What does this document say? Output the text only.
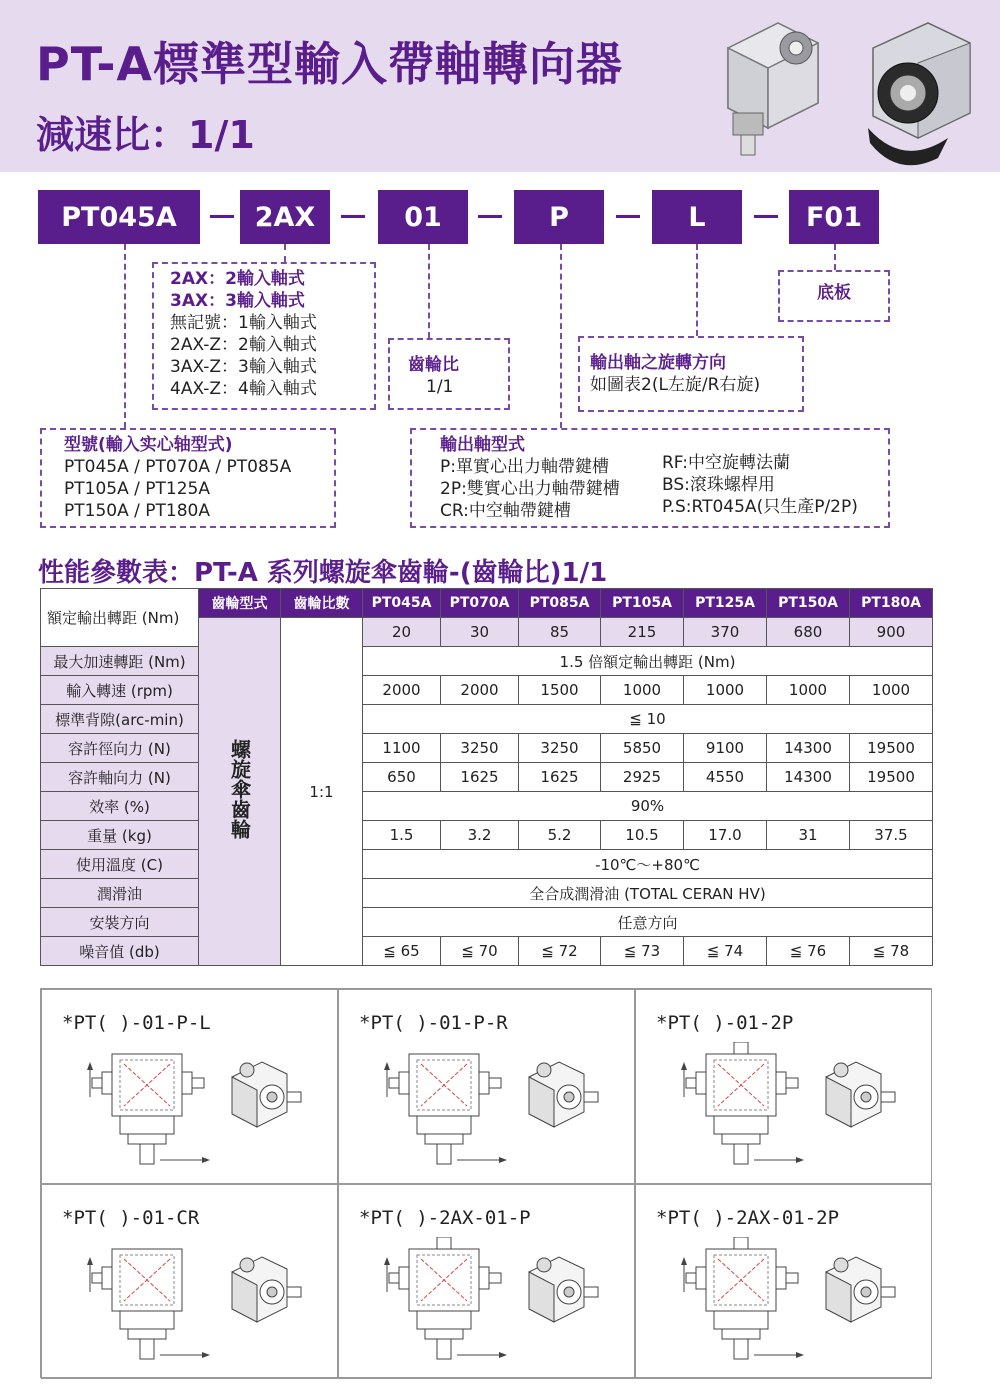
PT-A標準型輸入帶軸轉向器
減速比：1/1
PT045A	2AX	01	P	L	F01

2AX：2輸入軸式

3AX：3輸入軸式

無記號：1輸入軸式

2AX-Z：2輸入軸式

3AX-Z：3輸入軸式

4AX-Z：4輸入軸式

齒輪比

1/1

輸出軸之旋轉方向

如圖表2(L左旋/R右旋)

底板

型號(輸入实心轴型式)

PT045A / PT070A / PT085A

PT105A / PT125A

PT150A / PT180A

輸出軸型式

P:單實心出力軸帶鍵槽

2P:雙實心出力軸帶鍵槽

CR:中空軸帶鍵槽

RF:中空旋轉法蘭

BS:滾珠螺桿用

P.S:RT045A(只生產P/2P)

性能參數表：PT-A 系列螺旋傘齒輪-(齒輪比)1/1
額定輸出轉距 (Nm)	齒輪型式	齒輪比數	PT045A	PT070A	PT085A	PT105A	PT125A	PT150A	PT180A
	螺旋傘齒輪	1:1	20	30	85	215	370	680	900
最大加速轉距 (Nm)			1.5 倍額定輸出轉距 (Nm)						
輸入轉速 (rpm)			2000	2000	1500	1000	1000	1000	1000
標準背隙(arc-min)			≦ 10						
容許徑向力 (N)			1100	3250	3250	5850	9100	14300	19500
容許軸向力 (N)			650	1625	1625	2925	4550	14300	19500
效率 (%)			90%						
重量 (kg)			1.5	3.2	5.2	10.5	17.0	31	37.5
使用溫度 (C)			-10℃～+80℃						
潤滑油			全合成潤滑油 (TOTAL CERAN HV)						
安裝方向			任意方向						
噪音值 (db)			≦ 65	≦ 70	≦ 72	≦ 73	≦ 74	≦ 76	≦ 78
*PT( )-01-P-L	*PT( )-01-P-R	*PT( )-01-2P
*PT( )-01-CR	*PT( )-2AX-01-P	*PT( )-2AX-01-2P
